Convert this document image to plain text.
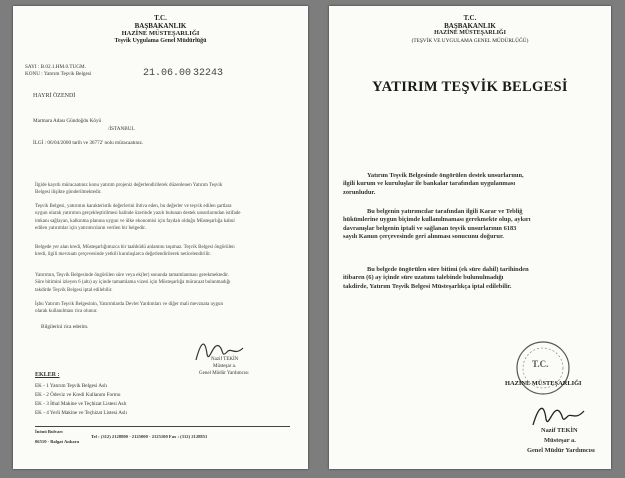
T.C.
BAŞBAKANLIK
HAZİNE MÜSTEŞARLIĞI
Teşvik Uygulama Genel Müdürlüğü
SAYI : B.02.1.HM.0.TUGM.
KONU : Yatırım Teşvik Belgesi	21.06.00 32243
HAYRİ ÖZENDİ
Marmara Adası Gündoğdu Köyü
/İSTANBUL
İLGİ : 06/04/2000 tarih ve 36772' nolu müracaatınız.
İlgide kayıtlı müracaatınız konu yatırım projeniz değerlendirilerek düzenlenen Yatırım Teşvik
Belgesi ilişikte gönderilmektedir.
Teşvik Belgesi, yatırımın karakteristik değerlerini ihtiva eden, bu değerler ve teşvik edilen şartlara
uygun olarak yatırımın gerçekleştirilmesi halinde üzerinde yazılı bulunan destek unsurlarından istifade
imkanı sağlayan, kalkınma planına uygun ve ülke ekonomisi için faydalı olduğu Müsteşarlığa kabul
edilen yatırımlar için yatırımcıların verilen bir belgedir.
Belgede yer alan kredi, Müsteşarlığımızca bir taahhüdü anlamını taşımaz. Teşvik Belgesi öngörülen
kredi, ilgili mevzuatı çerçevesinde yetkili kuruluşlarca değerlendirilerek neticelendirilir.
Yatırımın, Teşvik Belgesinde öngörülen süre veya ek(ler) sonunda tamamlanması gerekmektedir.
Süre bitimini izleyen 6 (altı) ay içinde tamamlama vizesi için Müsteşarlığa müracaat bulunmadığı
takdirde Teşvik Belgesi iptal edilebilir.
İşbu Yatırım Teşvik Belgesinin, Yatırımlarda Devlet Yardımları ve diğer mali mevzuata uygun
olarak kullanılması rica olunur.
Bilgilerini rica ederim.
Nazif TEKİN
Müsteşar a.
Genel Müdür Yardımcısı
EKLER :
EK - 1 Yatırım Teşvik Belgesi Aslı
EK - 2 Ödeviz ve Kredi Kullanım Formu
EK - 3 İthal Makine ve Teçhizat Listesi Aslı
EK - 4 Yerli Makine ve Teçhizat Listesi Aslı
İnönü Bulvarı
Tel : (312) 2128800 - 2125000 - 2125100 Fax : (312) 2128851
06510 - Balgat Ankara
T.C.
BAŞBAKANLIK
HAZİNE MÜSTEŞARLIĞI
(TEŞVİK VE UYGULAMA GENEL MÜDÜRLÜĞÜ)
YATIRIM TEŞVİK BELGESİ
Yatırım Teşvik Belgesinde öngörülen destek unsurlarının,
ilgili kurum ve kuruluşlar ile bankalar tarafından uygulanması
zorunludur.
Bu belgenin yatırımcılar tarafından ilgili Karar ve Tebliğ
hükümlerine uygun biçimde kullanılmaması gerekmekte olup, aykırı
davranışlar belgenin iptali ve sağlanan teşvik unsurlarının 6183
sayılı Kanun çerçevesinde geri alınması sonucunu doğurur.
Bu belgede öngörülen süre bitimi (ek süre dahil) tarihinden
itibaren (6) ay içinde süre uzatımı talebinde bulunulmadığı
takdirde, Yatırım Teşvik Belgesi Müsteşarlıkça iptal edilebilir.
T.C.
HAZİNE MÜSTEŞARLIĞI
Nazif TEKİN
Müsteşar a.
Genel Müdür Yardımcısı
